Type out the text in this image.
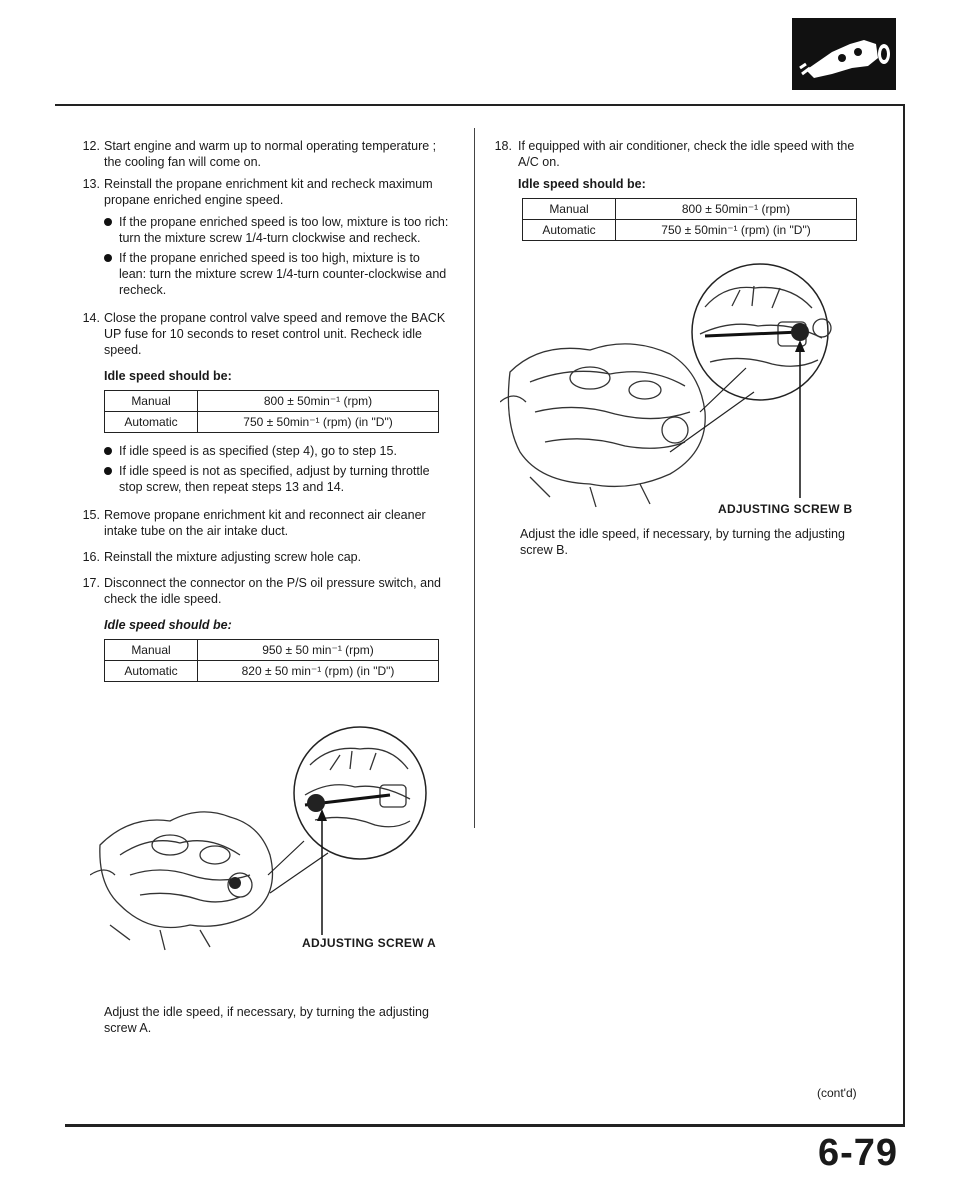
12. Start engine and warm up to normal operating temperature ; the cooling fan will come on.
13. Reinstall the propane enrichment kit and recheck maximum propane enriched engine speed.
If the propane enriched speed is too low, mixture is too rich: turn the mixture screw 1/4-turn clockwise and recheck.
If the propane enriched speed is too high, mixture is to lean: turn the mixture screw 1/4-turn counter-clockwise and recheck.
14. Close the propane control valve speed and remove the BACK UP fuse for 10 seconds to reset control unit. Recheck idle speed.
Idle speed should be:
Manual	800 ± 50min⁻¹ (rpm)
Automatic	750 ± 50min⁻¹ (rpm) (in "D")
If idle speed is as specified (step 4), go to step 15.
If idle speed is not as specified, adjust by turning throttle stop screw, then repeat steps 13 and 14.
15. Remove propane enrichment kit and reconnect air cleaner intake tube on the air intake duct.
16. Reinstall the mixture adjusting screw hole cap.
17. Disconnect the connector on the P/S oil pressure switch, and check the idle speed.
Idle speed should be:
Manual	950 ± 50 min⁻¹ (rpm)
Automatic	820 ± 50 min⁻¹ (rpm) (in "D")
ADJUSTING SCREW A
Adjust the idle speed, if necessary, by turning the adjusting screw A.
18. If equipped with air conditioner, check the idle speed with the A/C on.
Idle speed should be:
Manual	800 ± 50min⁻¹ (rpm)
Automatic	750 ± 50min⁻¹ (rpm) (in "D")
ADJUSTING SCREW B
Adjust the idle speed, if necessary, by turning the adjusting screw B.
(cont'd)
6-79
